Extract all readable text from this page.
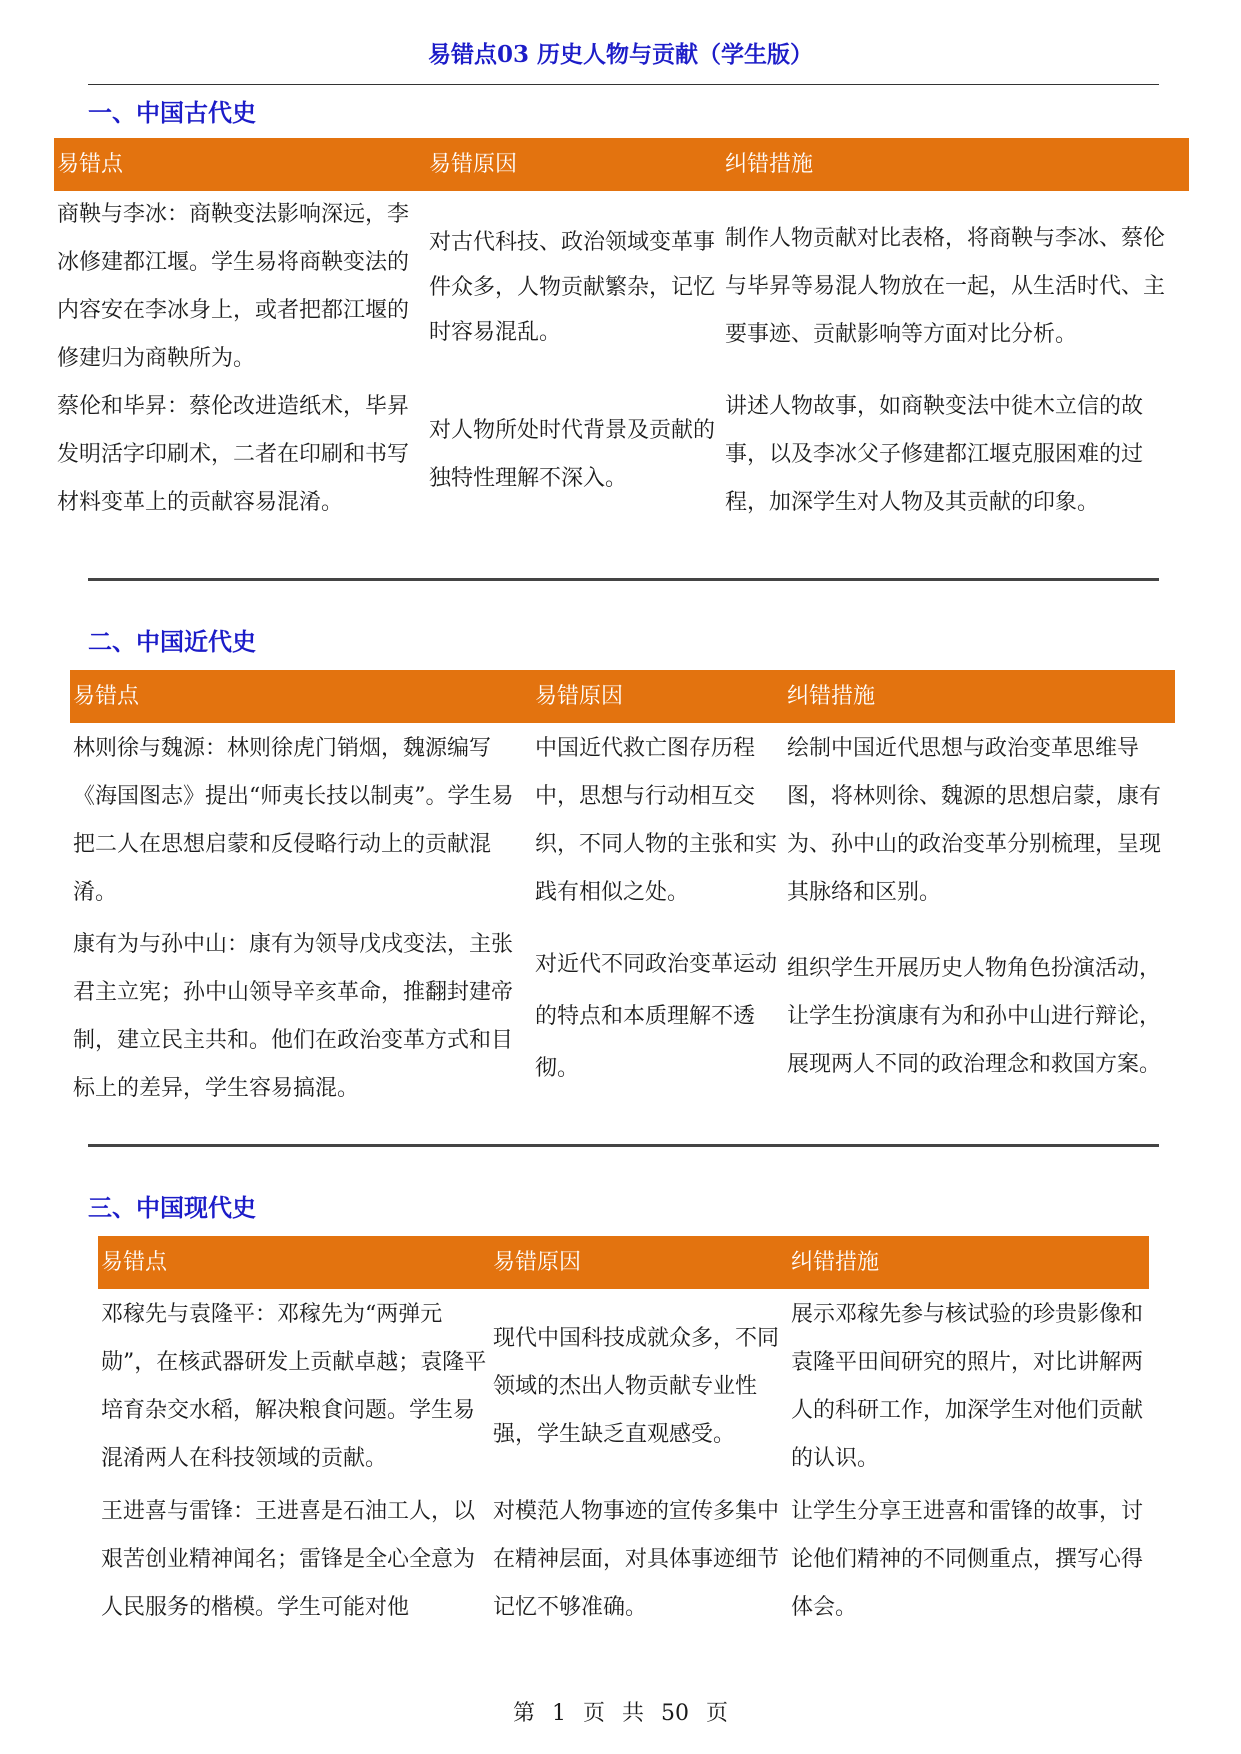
易错点03 历史人物与贡献（学生版）
一、中国古代史
易错点	易错原因	纠错措施
商鞅与李冰：商鞅变法影响深远，李冰修建都江堰。学生易将商鞅变法的内容安在李冰身上，或者把都江堰的修建归为商鞅所为。	对古代科技、政治领域变革事件众多，人物贡献繁杂，记忆时容易混乱。	制作人物贡献对比表格，将商鞅与李冰、蔡伦与毕昇等易混人物放在一起，从生活时代、主要事迹、贡献影响等方面对比分析。
蔡伦和毕昇：蔡伦改进造纸术，毕昇发明活字印刷术，二者在印刷和书写材料变革上的贡献容易混淆。	对人物所处时代背景及贡献的独特性理解不深入。	讲述人物故事，如商鞅变法中徙木立信的故事，以及李冰父子修建都江堰克服困难的过程，加深学生对人物及其贡献的印象。
二、中国近代史
易错点	易错原因	纠错措施
林则徐与魏源：林则徐虎门销烟，魏源编写《海国图志》提出“师夷长技以制夷”。学生易把二人在思想启蒙和反侵略行动上的贡献混淆。	中国近代救亡图存历程中，思想与行动相互交织，不同人物的主张和实践有相似之处。	绘制中国近代思想与政治变革思维导图，将林则徐、魏源的思想启蒙，康有为、孙中山的政治变革分别梳理，呈现其脉络和区别。
康有为与孙中山：康有为领导戊戌变法，主张君主立宪；孙中山领导辛亥革命，推翻封建帝制，建立民主共和。他们在政治变革方式和目标上的差异，学生容易搞混。	对近代不同政治变革运动的特点和本质理解不透彻。	组织学生开展历史人物角色扮演活动，让学生扮演康有为和孙中山进行辩论，展现两人不同的政治理念和救国方案。
三、中国现代史
易错点	易错原因	纠错措施
邓稼先与袁隆平：邓稼先为“两弹元勋”，在核武器研发上贡献卓越；袁隆平培育杂交水稻，解决粮食问题。学生易混淆两人在科技领域的贡献。	现代中国科技成就众多，不同领域的杰出人物贡献专业性强，学生缺乏直观感受。	展示邓稼先参与核试验的珍贵影像和袁隆平田间研究的照片，对比讲解两人的科研工作，加深学生对他们贡献的认识。
王进喜与雷锋：王进喜是石油工人，以艰苦创业精神闻名；雷锋是全心全意为人民服务的楷模。学生可能对他	对模范人物事迹的宣传多集中在精神层面，对具体事迹细节记忆不够准确。	让学生分享王进喜和雷锋的故事，讨论他们精神的不同侧重点，撰写心得体会。
第 1 页 共 50 页
